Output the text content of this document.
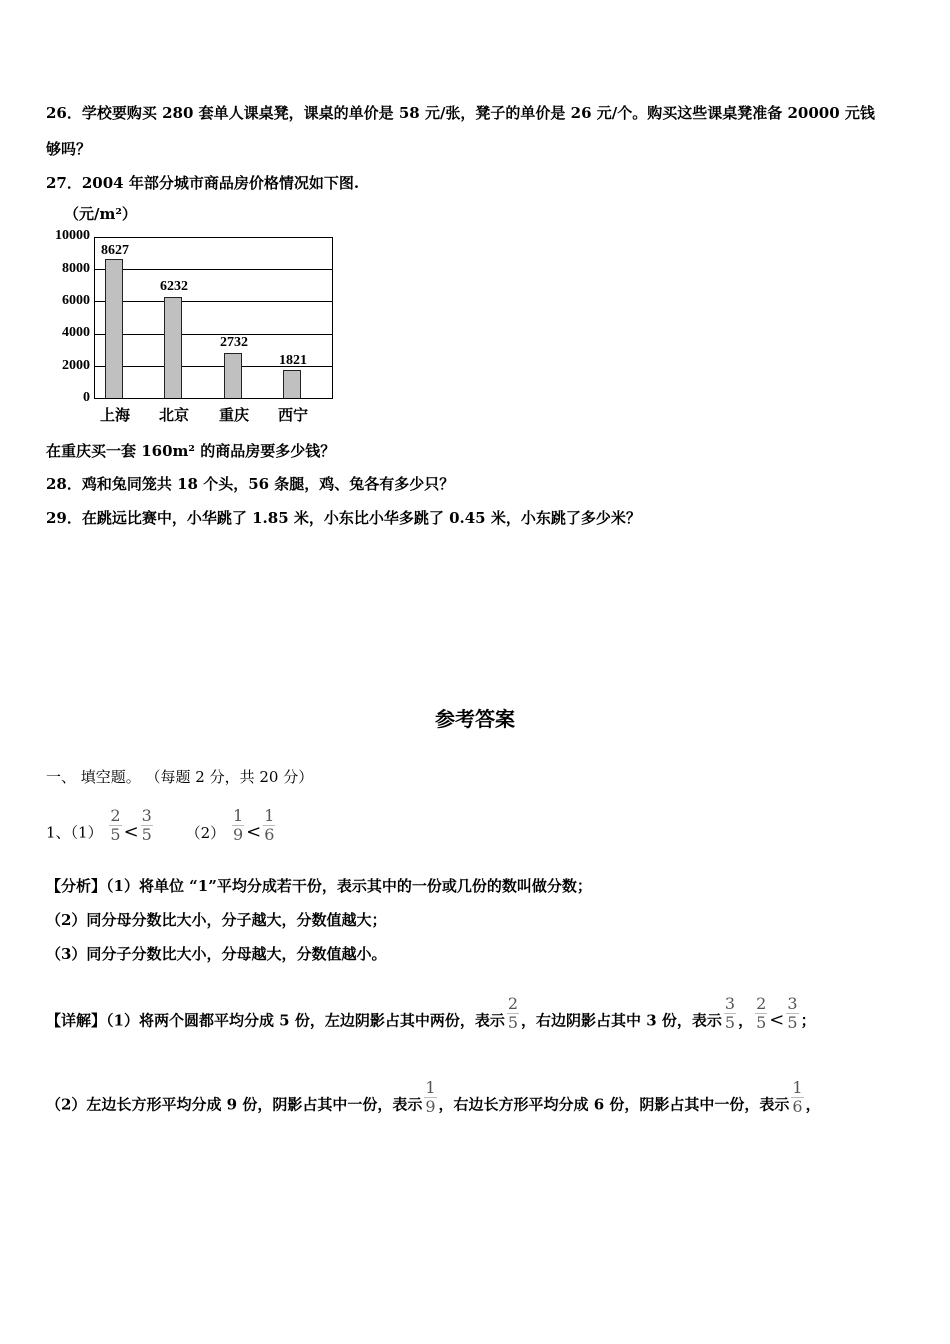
26．学校要购买 280 套单人课桌凳，课桌的单价是 58 元/张，凳子的单价是 26 元/个。购买这些课桌凳准备 20000 元钱
够吗？
27．2004 年部分城市商品房价格情况如下图.
（元/m²）
0
2000
4000
6000
8000
10000
8627
6232
2732
1821
上海	北京	重庆	西宁
在重庆买一套 160m² 的商品房要多少钱？
28．鸡和兔同笼共 18 个头，56 条腿，鸡、兔各有多少只？
29．在跳远比赛中，小华跳了 1.85 米，小东比小华多跳了 0.45 米，小东跳了多少米？
参考答案
一、 填空题。 （每题 2 分，共 20 分）
1、$(1) \frac{2}{5} < \frac{3}{5} (2) \frac{1}{9} < \frac{1}{6}$
【分析】（1）将单位 “1”平均分成若干份，表示其中的一份或几份的数叫做分数；
（2）同分母分数比大小，分子越大，分数值越大；
（3）同分子分数比大小，分母越大，分数值越小。
【详解】（1）将两个圆都平均分成 5 份，左边阴影占其中两份，表示 $\frac{2}{5}$ ，右边阴影占其中 3 份，表示 $\frac{3}{5}$ ， $\frac{2}{5} < \frac{3}{5}$ ；
（2）左边长方形平均分成 9 份，阴影占其中一份，表示 $\frac{1}{9}$ ，右边长方形平均分成 6 份，阴影占其中一份，表示 $\frac{1}{6}$ ，
